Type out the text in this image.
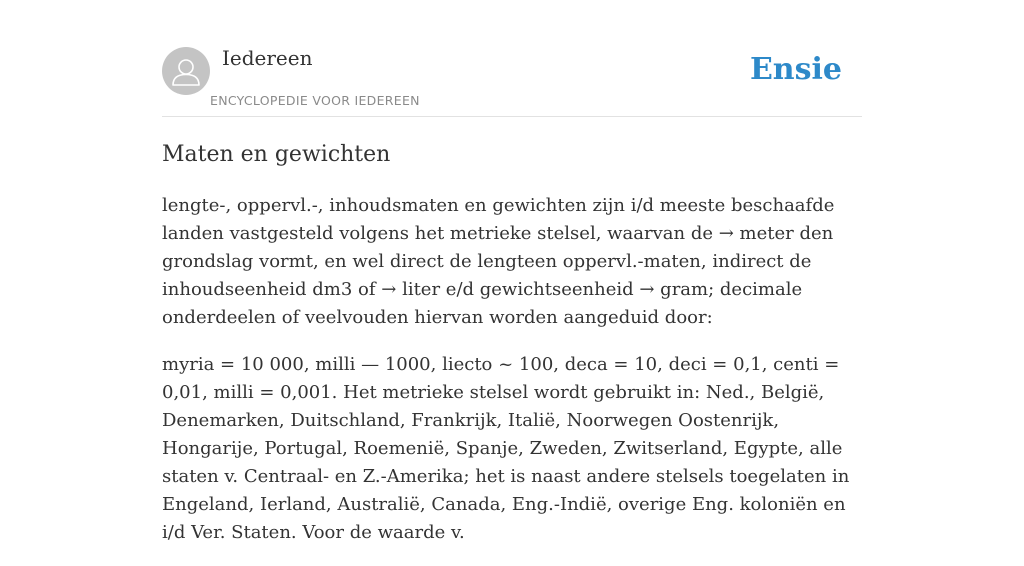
Iedereen
ENCYCLOPEDIE VOOR IEDEREEN
Ensie
Maten en gewichten

lengte-, oppervl.-, inhoudsmaten en gewichten zijn i/d meeste beschaafde landen vastgesteld volgens het metrieke stelsel, waarvan de → meter den grondslag vormt, en wel direct de lengteen oppervl.-maten, indirect de inhoudseenheid dm3 of → liter e/d gewichtseenheid → gram; decimale onderdeelen of veelvouden hiervan worden aangeduid door:

myria = 10 000, milli — 1000, liecto ~ 100, deca = 10, deci = 0,1, centi = 0,01, milli = 0,001. Het metrieke stelsel wordt gebruikt in: Ned., België, Denemarken, Duitschland, Frankrijk, Italië, Noorwegen Oostenrijk, Hongarije, Portugal, Roemenië, Spanje, Zweden, Zwitserland, Egypte, alle staten v. Centraal- en Z.-Amerika; het is naast andere stelsels toegelaten in Engeland, Ierland, Australië, Canada, Eng.-Indië, overige Eng. koloniën en i/d Ver. Staten. Voor de waarde v.
